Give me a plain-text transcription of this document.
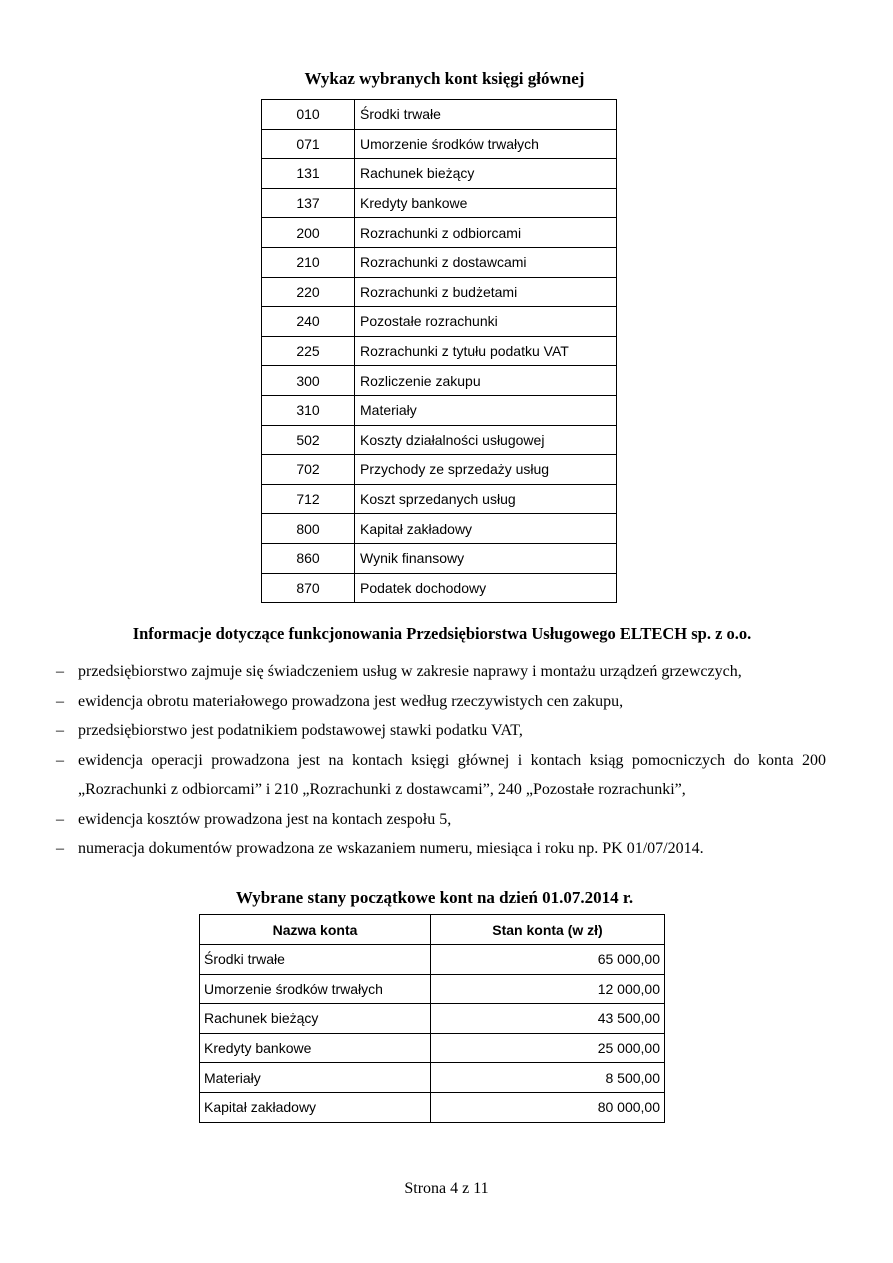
Wykaz wybranych kont księgi głównej
010	Środki trwałe
071	Umorzenie środków trwałych
131	Rachunek bieżący
137	Kredyty bankowe
200	Rozrachunki z odbiorcami
210	Rozrachunki z dostawcami
220	Rozrachunki z budżetami
240	Pozostałe rozrachunki
225	Rozrachunki z tytułu podatku VAT
300	Rozliczenie zakupu
310	Materiały
502	Koszty działalności usługowej
702	Przychody ze sprzedaży usług
712	Koszt sprzedanych usług
800	Kapitał zakładowy
860	Wynik finansowy
870	Podatek dochodowy
Informacje dotyczące funkcjonowania Przedsiębiorstwa Usługowego ELTECH sp. z o.o.
– przedsiębiorstwo zajmuje się świadczeniem usług w zakresie naprawy i montażu urządzeń grzewczych,
– ewidencja obrotu materiałowego prowadzona jest według rzeczywistych cen zakupu,
– przedsiębiorstwo jest podatnikiem podstawowej stawki podatku VAT,
– ewidencja operacji prowadzona jest na kontach księgi głównej i kontach ksiąg pomocniczych do konta 200 „Rozrachunki z odbiorcami” i 210 „Rozrachunki z dostawcami”, 240 „Pozostałe rozrachunki”,
– ewidencja kosztów prowadzona jest na kontach zespołu 5,
– numeracja dokumentów prowadzona ze wskazaniem numeru, miesiąca i roku np. PK 01/07/2014.
Wybrane stany początkowe kont na dzień 01.07.2014 r.
Nazwa konta	Stan konta (w zł)
Środki trwałe	65 000,00
Umorzenie środków trwałych	12 000,00
Rachunek bieżący	43 500,00
Kredyty bankowe	25 000,00
Materiały	8 500,00
Kapitał zakładowy	80 000,00
Strona 4 z 11
